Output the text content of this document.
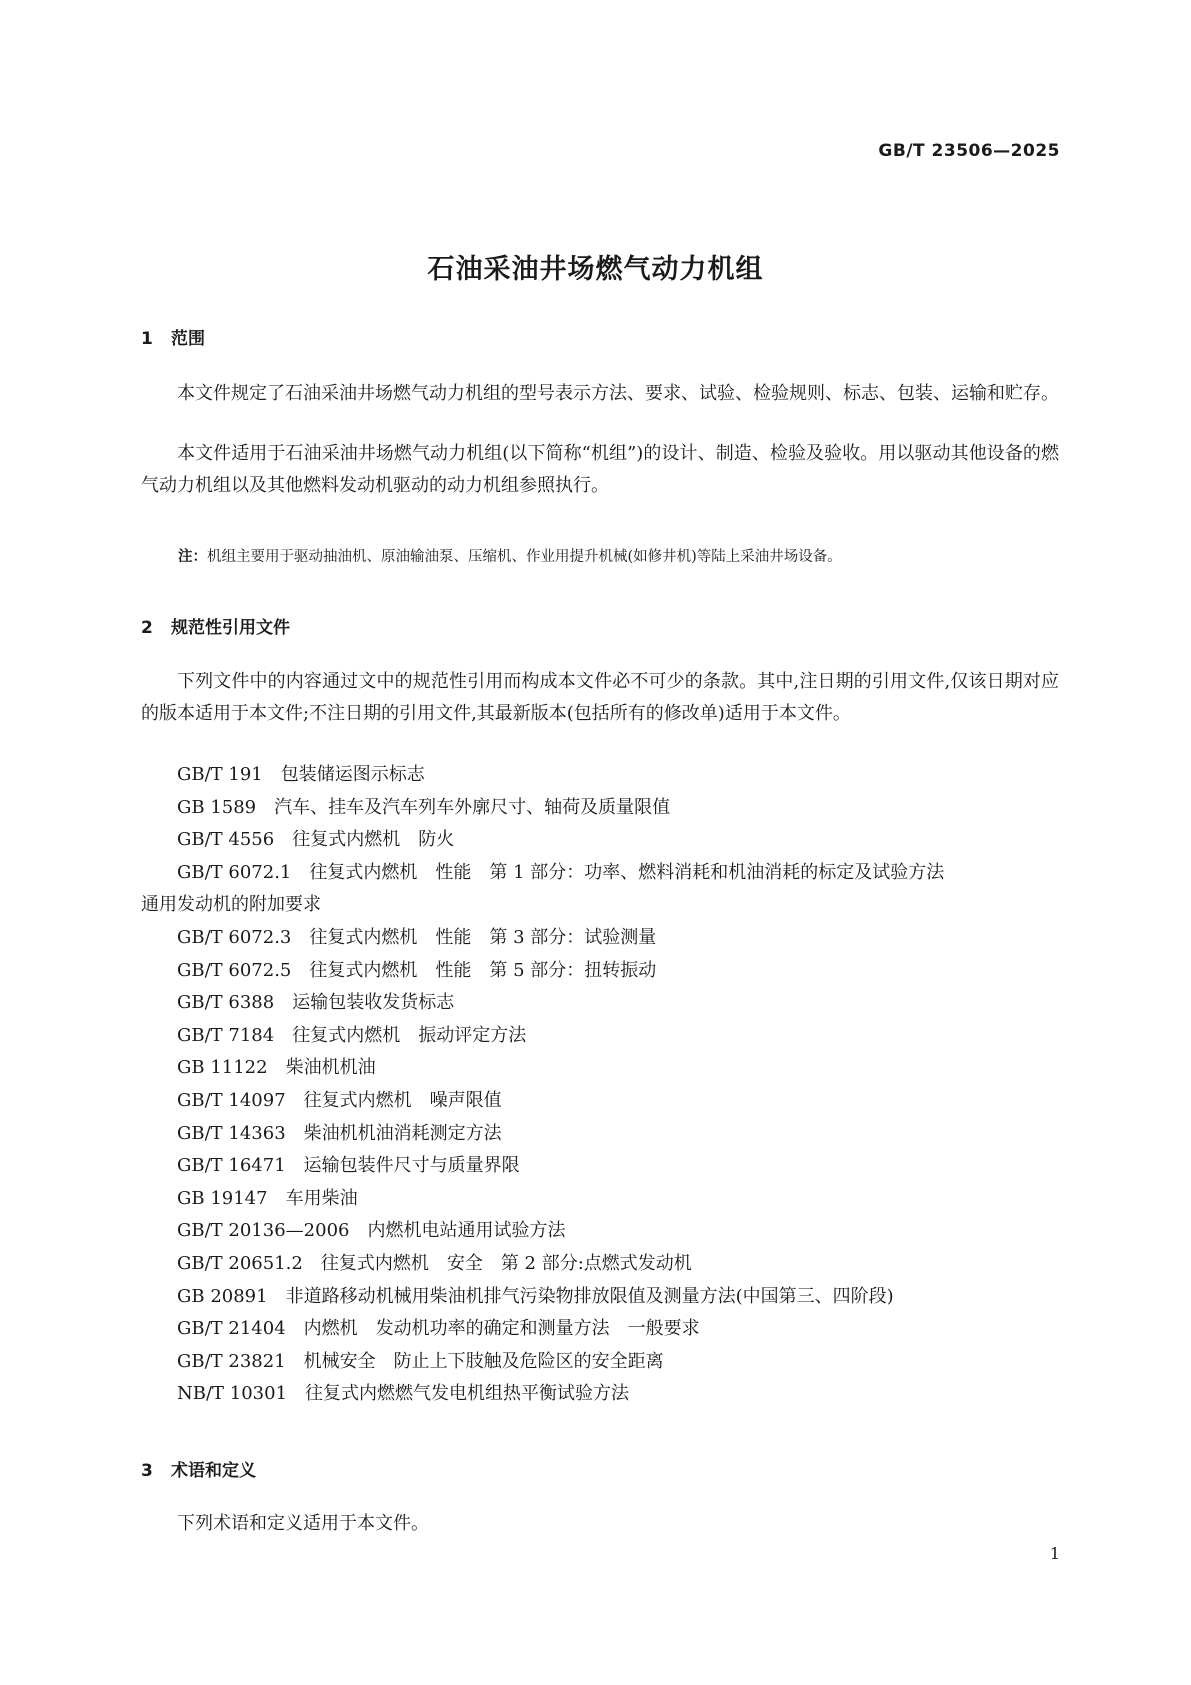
GB/T 23506—2025
石油采油井场燃气动力机组
1 范围

本文件规定了石油采油井场燃气动力机组的型号表示方法、要求、试验、检验规则、标志、包装、运输和贮存。

本文件适用于石油采油井场燃气动力机组(以下简称“机组”)的设计、制造、检验及验收。用以驱动其他设备的燃气动力机组以及其他燃料发动机驱动的动力机组参照执行。

注：机组主要用于驱动抽油机、原油输油泵、压缩机、作业用提升机械(如修井机)等陆上采油井场设备。
2 规范性引用文件

下列文件中的内容通过文中的规范性引用而构成本文件必不可少的条款。其中,注日期的引用文件,仅该日期对应的版本适用于本文件;不注日期的引用文件,其最新版本(包括所有的修改单)适用于本文件。

GB/T 191　包装储运图示标志
GB 1589　汽车、挂车及汽车列车外廓尺寸、轴荷及质量限值
GB/T 4556　往复式内燃机　防火
GB/T 6072.1　往复式内燃机　性能　第 1 部分：功率、燃料消耗和机油消耗的标定及试验方法
通用发动机的附加要求
GB/T 6072.3　往复式内燃机　性能　第 3 部分：试验测量
GB/T 6072.5　往复式内燃机　性能　第 5 部分：扭转振动
GB/T 6388　运输包装收发货标志
GB/T 7184　往复式内燃机　振动评定方法
GB 11122　柴油机机油
GB/T 14097　往复式内燃机　噪声限值
GB/T 14363　柴油机机油消耗测定方法
GB/T 16471　运输包装件尺寸与质量界限
GB 19147　车用柴油
GB/T 20136—2006　内燃机电站通用试验方法
GB/T 20651.2　往复式内燃机　安全　第 2 部分:点燃式发动机
GB 20891　非道路移动机械用柴油机排气污染物排放限值及测量方法(中国第三、四阶段)
GB/T 21404　内燃机　发动机功率的确定和测量方法　一般要求
GB/T 23821　机械安全　防止上下肢触及危险区的安全距离
NB/T 10301　往复式内燃燃气发电机组热平衡试验方法
3 术语和定义

下列术语和定义适用于本文件。

1
